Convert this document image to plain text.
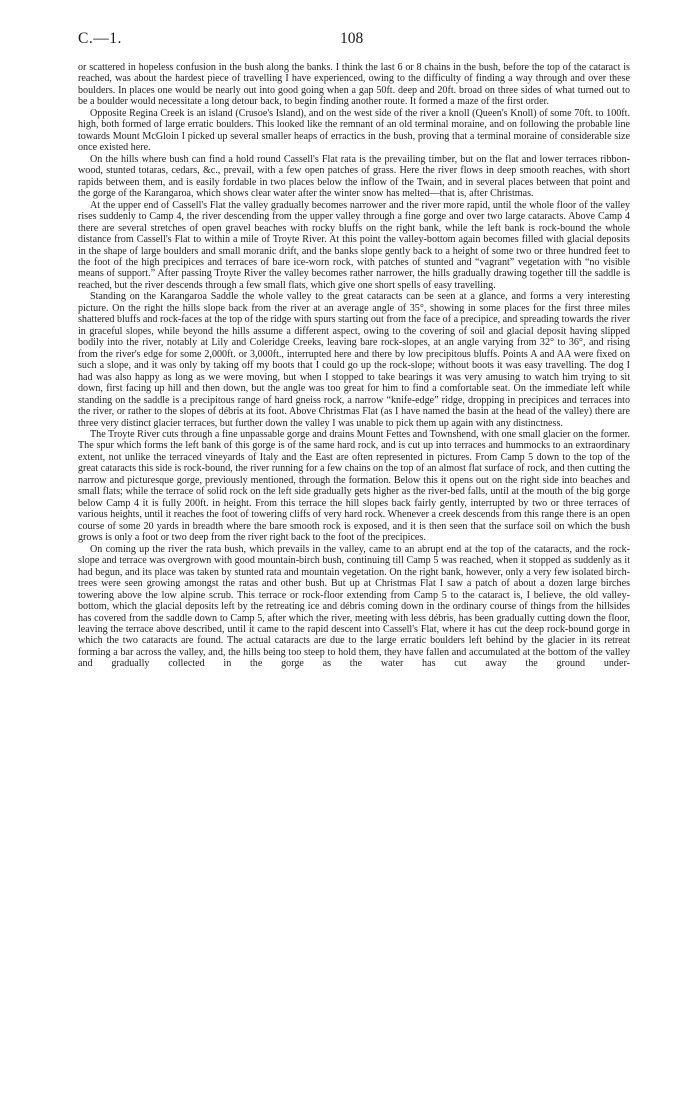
C.—1.	108

or scattered in hopeless confusion in the bush along the banks. I think the last 6 or 8 chains in the bush, before the top of the cataract is reached, was about the hardest piece of travelling I have experienced, owing to the difficulty of finding a way through and over these boulders. In places one would be nearly out into good going when a gap 50ft. deep and 20ft. broad on three sides of what turned out to be a boulder would necessitate a long detour back, to begin finding another route. It formed a maze of the first order.

Opposite Regina Creek is an island (Crusoe's Island), and on the west side of the river a knoll (Queen's Knoll) of some 70ft. to 100ft. high, both formed of large erratic boulders. This looked like the remnant of an old terminal moraine, and on following the probable line towards Mount McGloin I picked up several smaller heaps of erractics in the bush, proving that a terminal moraine of considerable size once existed here.

On the hills where bush can find a hold round Cassell's Flat rata is the prevailing timber, but on the flat and lower terraces ribbon-wood, stunted totaras, cedars, &c., prevail, with a few open patches of grass. Here the river flows in deep smooth reaches, with short rapids between them, and is easily fordable in two places below the inflow of the Twain, and in several places between that point and the gorge of the Karangaroa, which shows clear water after the winter snow has melted—that is, after Christmas.

At the upper end of Cassell's Flat the valley gradually becomes narrower and the river more rapid, until the whole floor of the valley rises suddenly to Camp 4, the river descending from the upper valley through a fine gorge and over two large cataracts. Above Camp 4 there are several stretches of open gravel beaches with rocky bluffs on the right bank, while the left bank is rock-bound the whole distance from Cassell's Flat to within a mile of Troyte River. At this point the valley-bottom again becomes filled with glacial deposits in the shape of large boulders and small moranic drift, and the banks slope gently back to a height of some two or three hundred feet to the foot of the high precipices and terraces of bare ice-worn rock, with patches of stunted and “vagrant” vegetation with “no visible means of support.” After passing Troyte River the valley becomes rather narrower, the hills gradually drawing together till the saddle is reached, but the river descends through a few small flats, which give one short spells of easy travelling.

Standing on the Karangaroa Saddle the whole valley to the great cataracts can be seen at a glance, and forms a very interesting picture. On the right the hills slope back from the river at an average angle of 35°, showing in some places for the first three miles shattered bluffs and rock-faces at the top of the ridge with spurs starting out from the face of a precipice, and spreading towards the river in graceful slopes, while beyond the hills assume a different aspect, owing to the covering of soil and glacial deposit having slipped bodily into the river, notably at Lily and Coleridge Creeks, leaving bare rock-slopes, at an angle varying from 32° to 36°, and rising from the river's edge for some 2,000ft. or 3,000ft., interrupted here and there by low precipitous bluffs. Points A and AA were fixed on such a slope, and it was only by taking off my boots that I could go up the rock-slope; without boots it was easy travelling. The dog I had was also happy as long as we were moving, but when I stopped to take bearings it was very amusing to watch him trying to sit down, first facing up hill and then down, but the angle was too great for him to find a comfortable seat. On the immediate left while standing on the saddle is a precipitous range of hard gneiss rock, a narrow “knife-edge” ridge, dropping in precipices and terraces into the river, or rather to the slopes of débris at its foot. Above Christmas Flat (as I have named the basin at the head of the valley) there are three very distinct glacier terraces, but further down the valley I was unable to pick them up again with any distinctness.

The Troyte River cuts through a fine unpassable gorge and drains Mount Fettes and Townshend, with one small glacier on the former. The spur which forms the left bank of this gorge is of the same hard rock, and is cut up into terraces and hummocks to an extraordinary extent, not unlike the terraced vineyards of Italy and the East are often represented in pictures. From Camp 5 down to the top of the great cataracts this side is rock-bound, the river running for a few chains on the top of an almost flat surface of rock, and then cutting the narrow and picturesque gorge, previously mentioned, through the formation. Below this it opens out on the right side into beaches and small flats; while the terrace of solid rock on the left side gradually gets higher as the river-bed falls, until at the mouth of the big gorge below Camp 4 it is fully 200ft. in height. From this terrace the hill slopes back fairly gently, interrupted by two or three terraces of various heights, until it reaches the foot of towering cliffs of very hard rock. Whenever a creek descends from this range there is an open course of some 20 yards in breadth where the bare smooth rock is exposed, and it is then seen that the surface soil on which the bush grows is only a foot or two deep from the river right back to the foot of the precipices.

On coming up the river the rata bush, which prevails in the valley, came to an abrupt end at the top of the cataracts, and the rock-slope and terrace was overgrown with good mountain-birch bush, continuing till Camp 5 was reached, when it stopped as suddenly as it had begun, and its place was taken by stunted rata and mountain vegetation. On the right bank, however, only a very few isolated birch-trees were seen growing amongst the ratas and other bush. But up at Christmas Flat I saw a patch of about a dozen large birches towering above the low alpine scrub. This terrace or rock-floor extending from Camp 5 to the cataract is, I believe, the old valley-bottom, which the glacial deposits left by the retreating ice and débris coming down in the ordinary course of things from the hillsides has covered from the saddle down to Camp 5, after which the river, meeting with less débris, has been gradually cutting down the floor, leaving the terrace above described, until it came to the rapid descent into Cassell's Flat, where it has cut the deep rock-bound gorge in which the two cataracts are found. The actual cataracts are due to the large erratic boulders left behind by the glacier in its retreat forming a bar across the valley, and, the hills being too steep to hold them, they have fallen and accumulated at the bottom of the valley and gradually collected in the gorge as the water has cut away the ground under-
